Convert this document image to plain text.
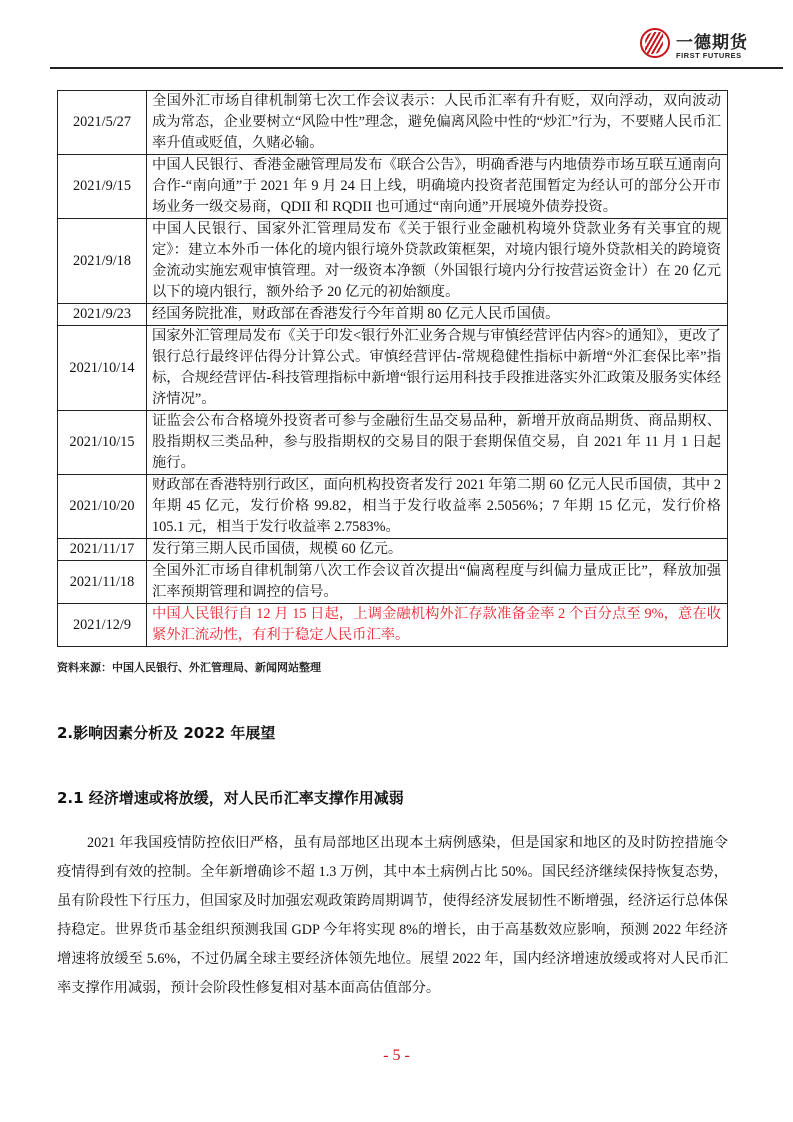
一德期货
FIRST FUTURES
2021/5/27	全国外汇市场自律机制第七次工作会议表示：人民币汇率有升有贬，双向浮动，双向波动成为常态，企业要树立“风险中性”理念，避免偏离风险中性的“炒汇”行为，不要赌人民币汇率升值或贬值，久赌必输。
2021/9/15	中国人民银行、香港金融管理局发布《联合公告》，明确香港与内地债券市场互联互通南向合作-“南向通”于 2021 年 9 月 24 日上线，明确境内投资者范围暂定为经认可的部分公开市场业务一级交易商，QDII 和 RQDII 也可通过“南向通”开展境外债券投资。
2021/9/18	中国人民银行、国家外汇管理局发布《关于银行业金融机构境外贷款业务有关事宜的规定》：建立本外币一体化的境内银行境外贷款政策框架，对境内银行境外贷款相关的跨境资金流动实施宏观审慎管理。对一级资本净额（外国银行境内分行按营运资金计）在 20 亿元以下的境内银行，额外给予 20 亿元的初始额度。
2021/9/23	经国务院批准，财政部在香港发行今年首期 80 亿元人民币国债。
2021/10/14	国家外汇管理局发布《关于印发<银行外汇业务合规与审慎经营评估内容>的通知》，更改了银行总行最终评估得分计算公式。审慎经营评估-常规稳健性指标中新增“外汇套保比率”指标，合规经营评估-科技管理指标中新增“银行运用科技手段推进落实外汇政策及服务实体经济情况”。
2021/10/15	证监会公布合格境外投资者可参与金融衍生品交易品种，新增开放商品期货、商品期权、股指期权三类品种，参与股指期权的交易目的限于套期保值交易，自 2021 年 11 月 1 日起施行。
2021/10/20	财政部在香港特别行政区，面向机构投资者发行 2021 年第二期 60 亿元人民币国债，其中 2 年期 45 亿元，发行价格 99.82，相当于发行收益率 2.5056%；7 年期 15 亿元，发行价格 105.1 元，相当于发行收益率 2.7583%。
2021/11/17	发行第三期人民币国债，规模 60 亿元。
2021/11/18	全国外汇市场自律机制第八次工作会议首次提出“偏离程度与纠偏力量成正比”，释放加强汇率预期管理和调控的信号。
2021/12/9	中国人民银行自 12 月 15 日起，上调金融机构外汇存款准备金率 2 个百分点至 9%，意在收紧外汇流动性，有利于稳定人民币汇率。
资料来源：中国人民银行、外汇管理局、新闻网站整理
2.影响因素分析及 2022 年展望
2.1 经济增速或将放缓，对人民币汇率支撑作用减弱
2021 年我国疫情防控依旧严格，虽有局部地区出现本土病例感染，但是国家和地区的及时防控措施令疫情得到有效的控制。全年新增确诊不超 1.3 万例，其中本土病例占比 50%。国民经济继续保持恢复态势，虽有阶段性下行压力，但国家及时加强宏观政策跨周期调节，使得经济发展韧性不断增强，经济运行总体保持稳定。世界货币基金组织预测我国 GDP 今年将实现 8%的增长，由于高基数效应影响，预测 2022 年经济增速将放缓至 5.6%，不过仍属全球主要经济体领先地位。展望 2022 年，国内经济增速放缓或将对人民币汇率支撑作用减弱，预计会阶段性修复相对基本面高估值部分。
- 5 -
